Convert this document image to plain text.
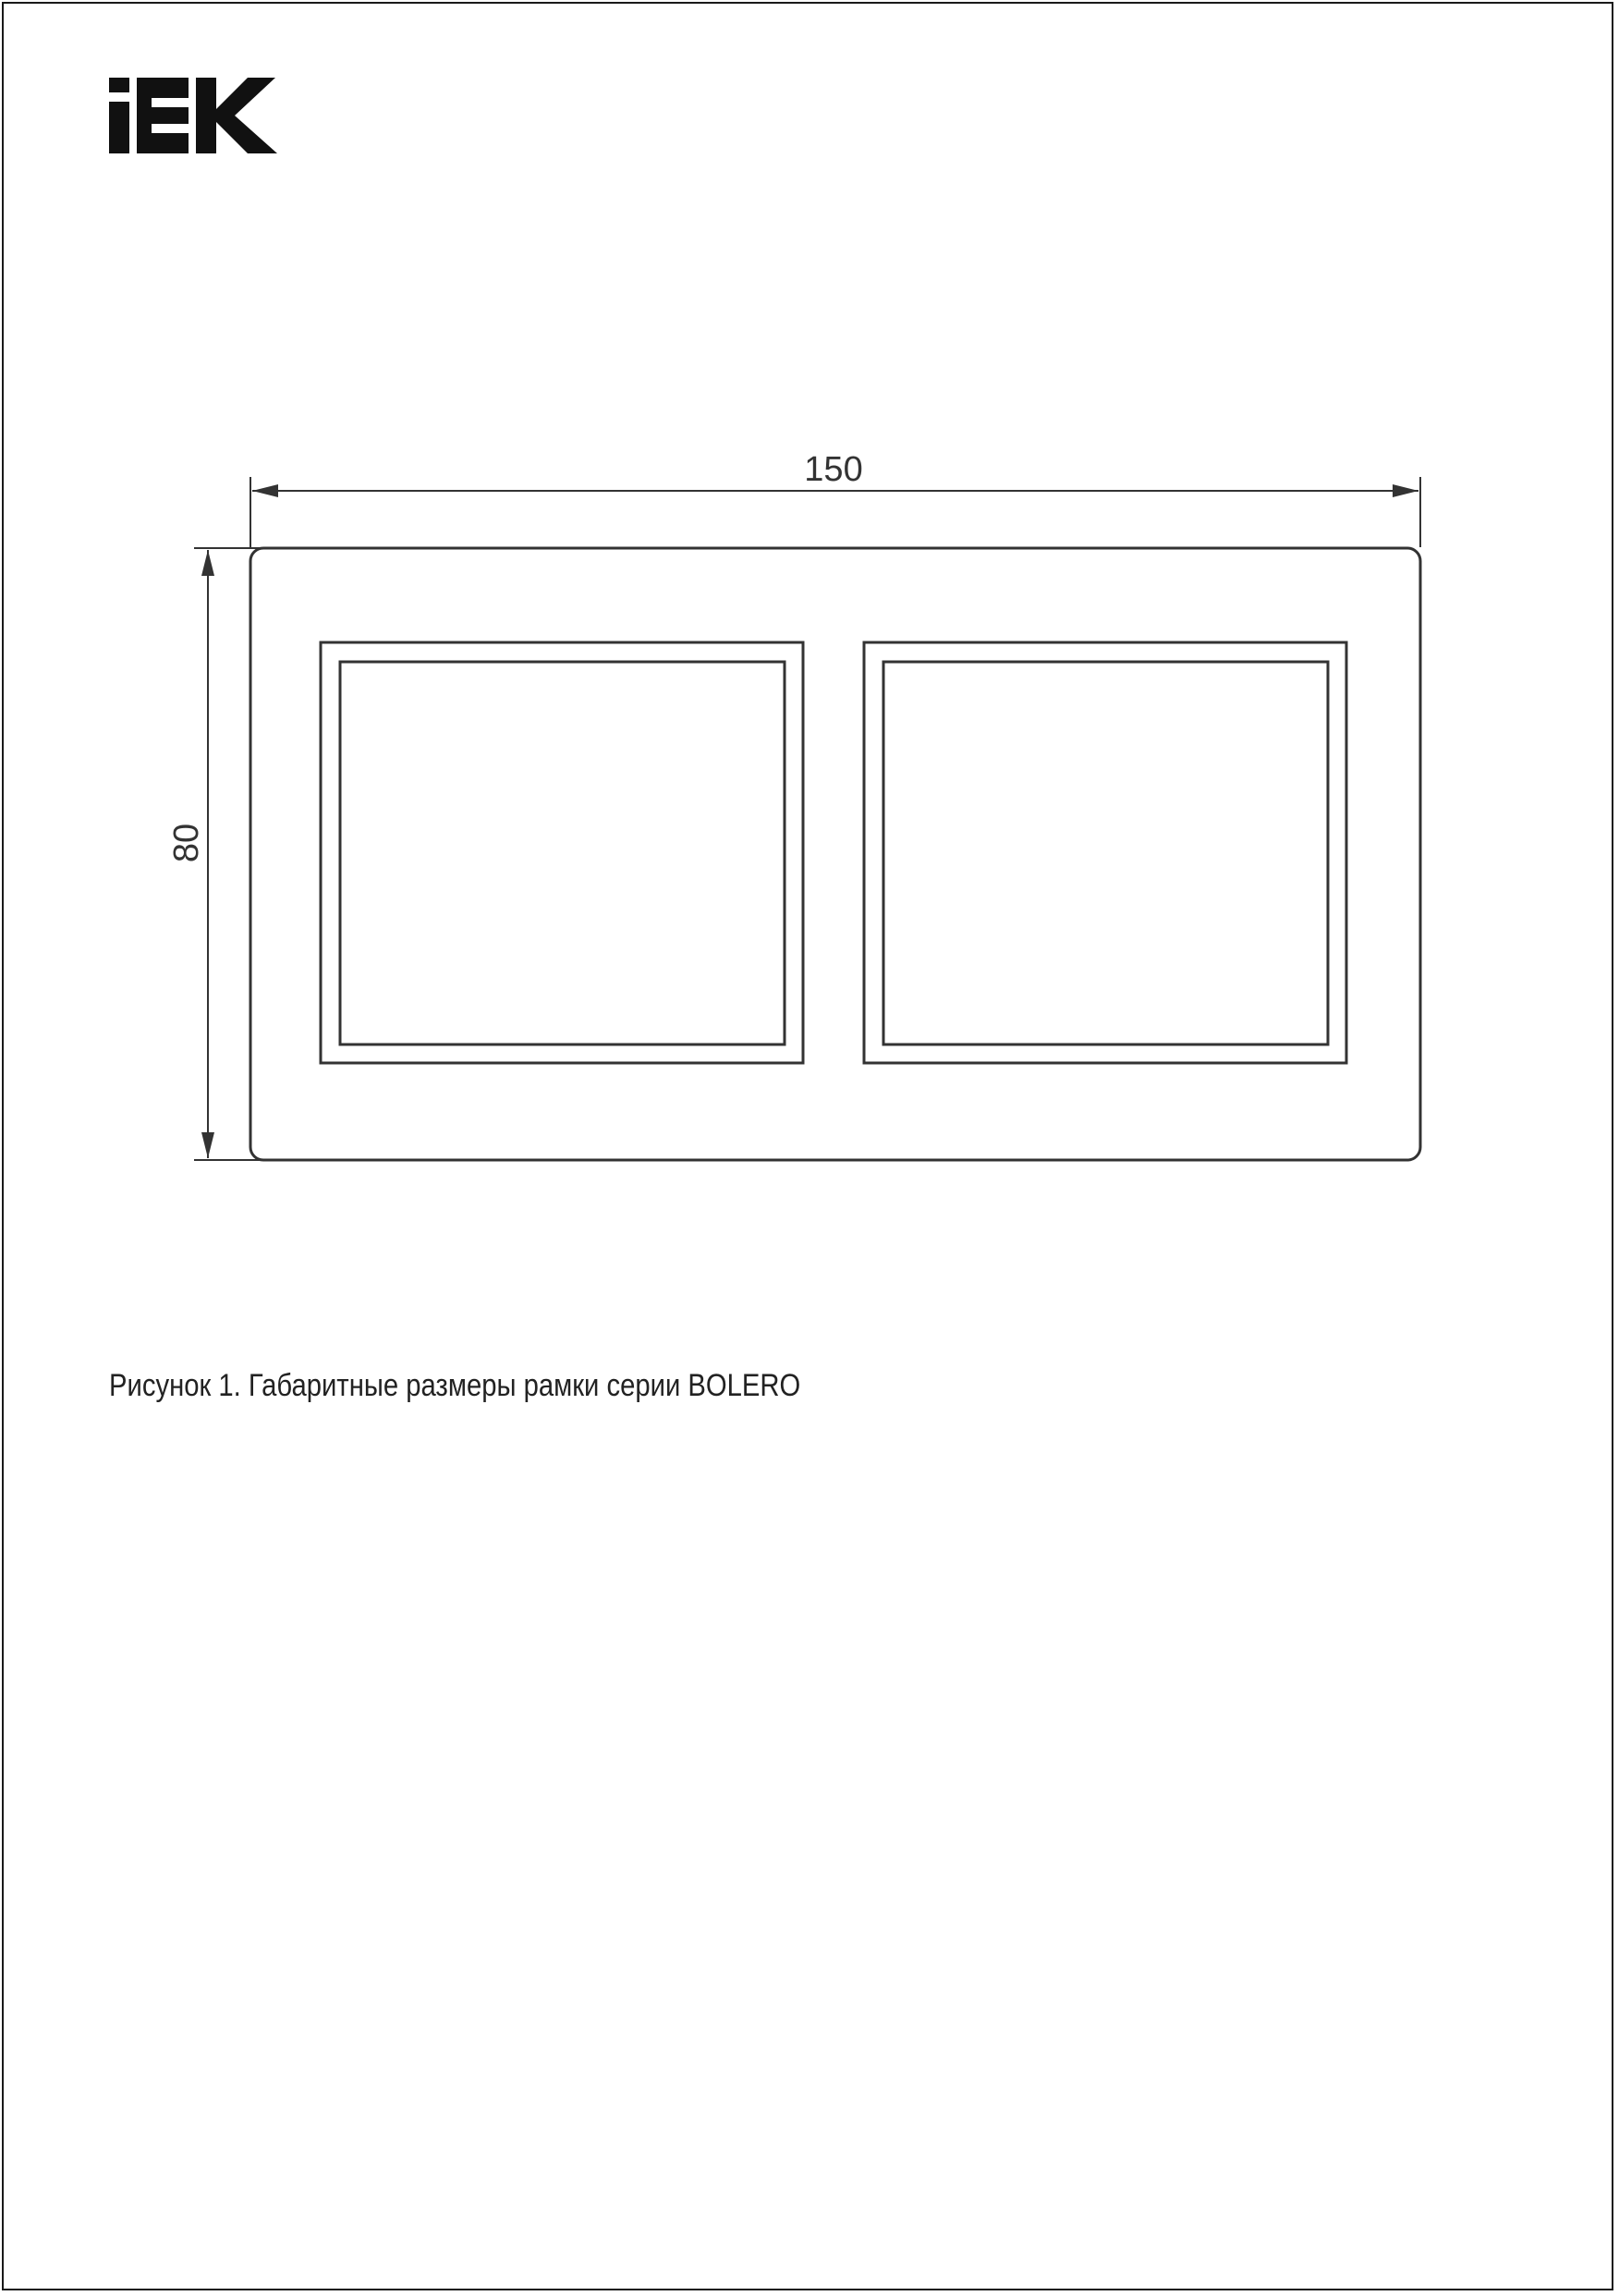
150
80
Рисунок 1. Габаритные размеры рамки серии BOLERO
